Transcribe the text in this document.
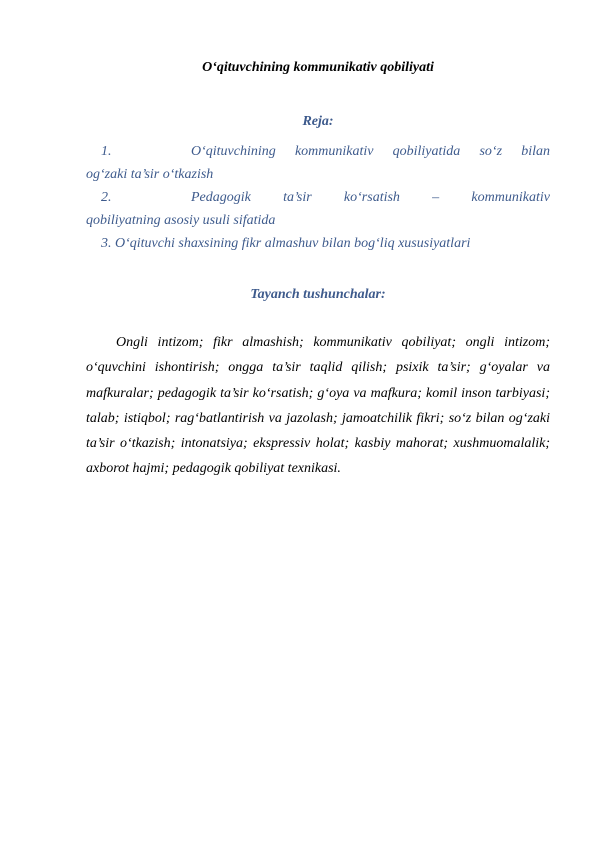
O‘qituvchining kommunikativ qobiliyati
Reja:
1.	O‘qituvchining kommunikativ qobiliyatida so‘z bilan
og‘zaki ta’sir o‘tkazish
2.	Pedagogik ta’sir ko‘rsatish – kommunikativ
qobiliyatning asosiy usuli sifatida
3. O‘qituvchi shaxsining fikr almashuv bilan bog‘liq xususiyatlari
Tayanch tushunchalar:

Ongli intizom; fikr almashish; kommunikativ qobiliyat; ongli intizom; o‘quvchini ishontirish; ongga ta’sir taqlid qilish; psixik ta’sir; g‘oyalar va mafkuralar; pedagogik ta’sir ko‘rsatish; g‘oya va mafkura; komil inson tarbiyasi; talab; istiqbol; rag‘batlantirish va jazolash; jamoatchilik fikri; so‘z bilan og‘zaki ta’sir o‘tkazish; intonatsiya; ekspressiv holat; kasbiy mahorat; xushmuomalalik; axborot hajmi; pedagogik qobiliyat texnikasi.
